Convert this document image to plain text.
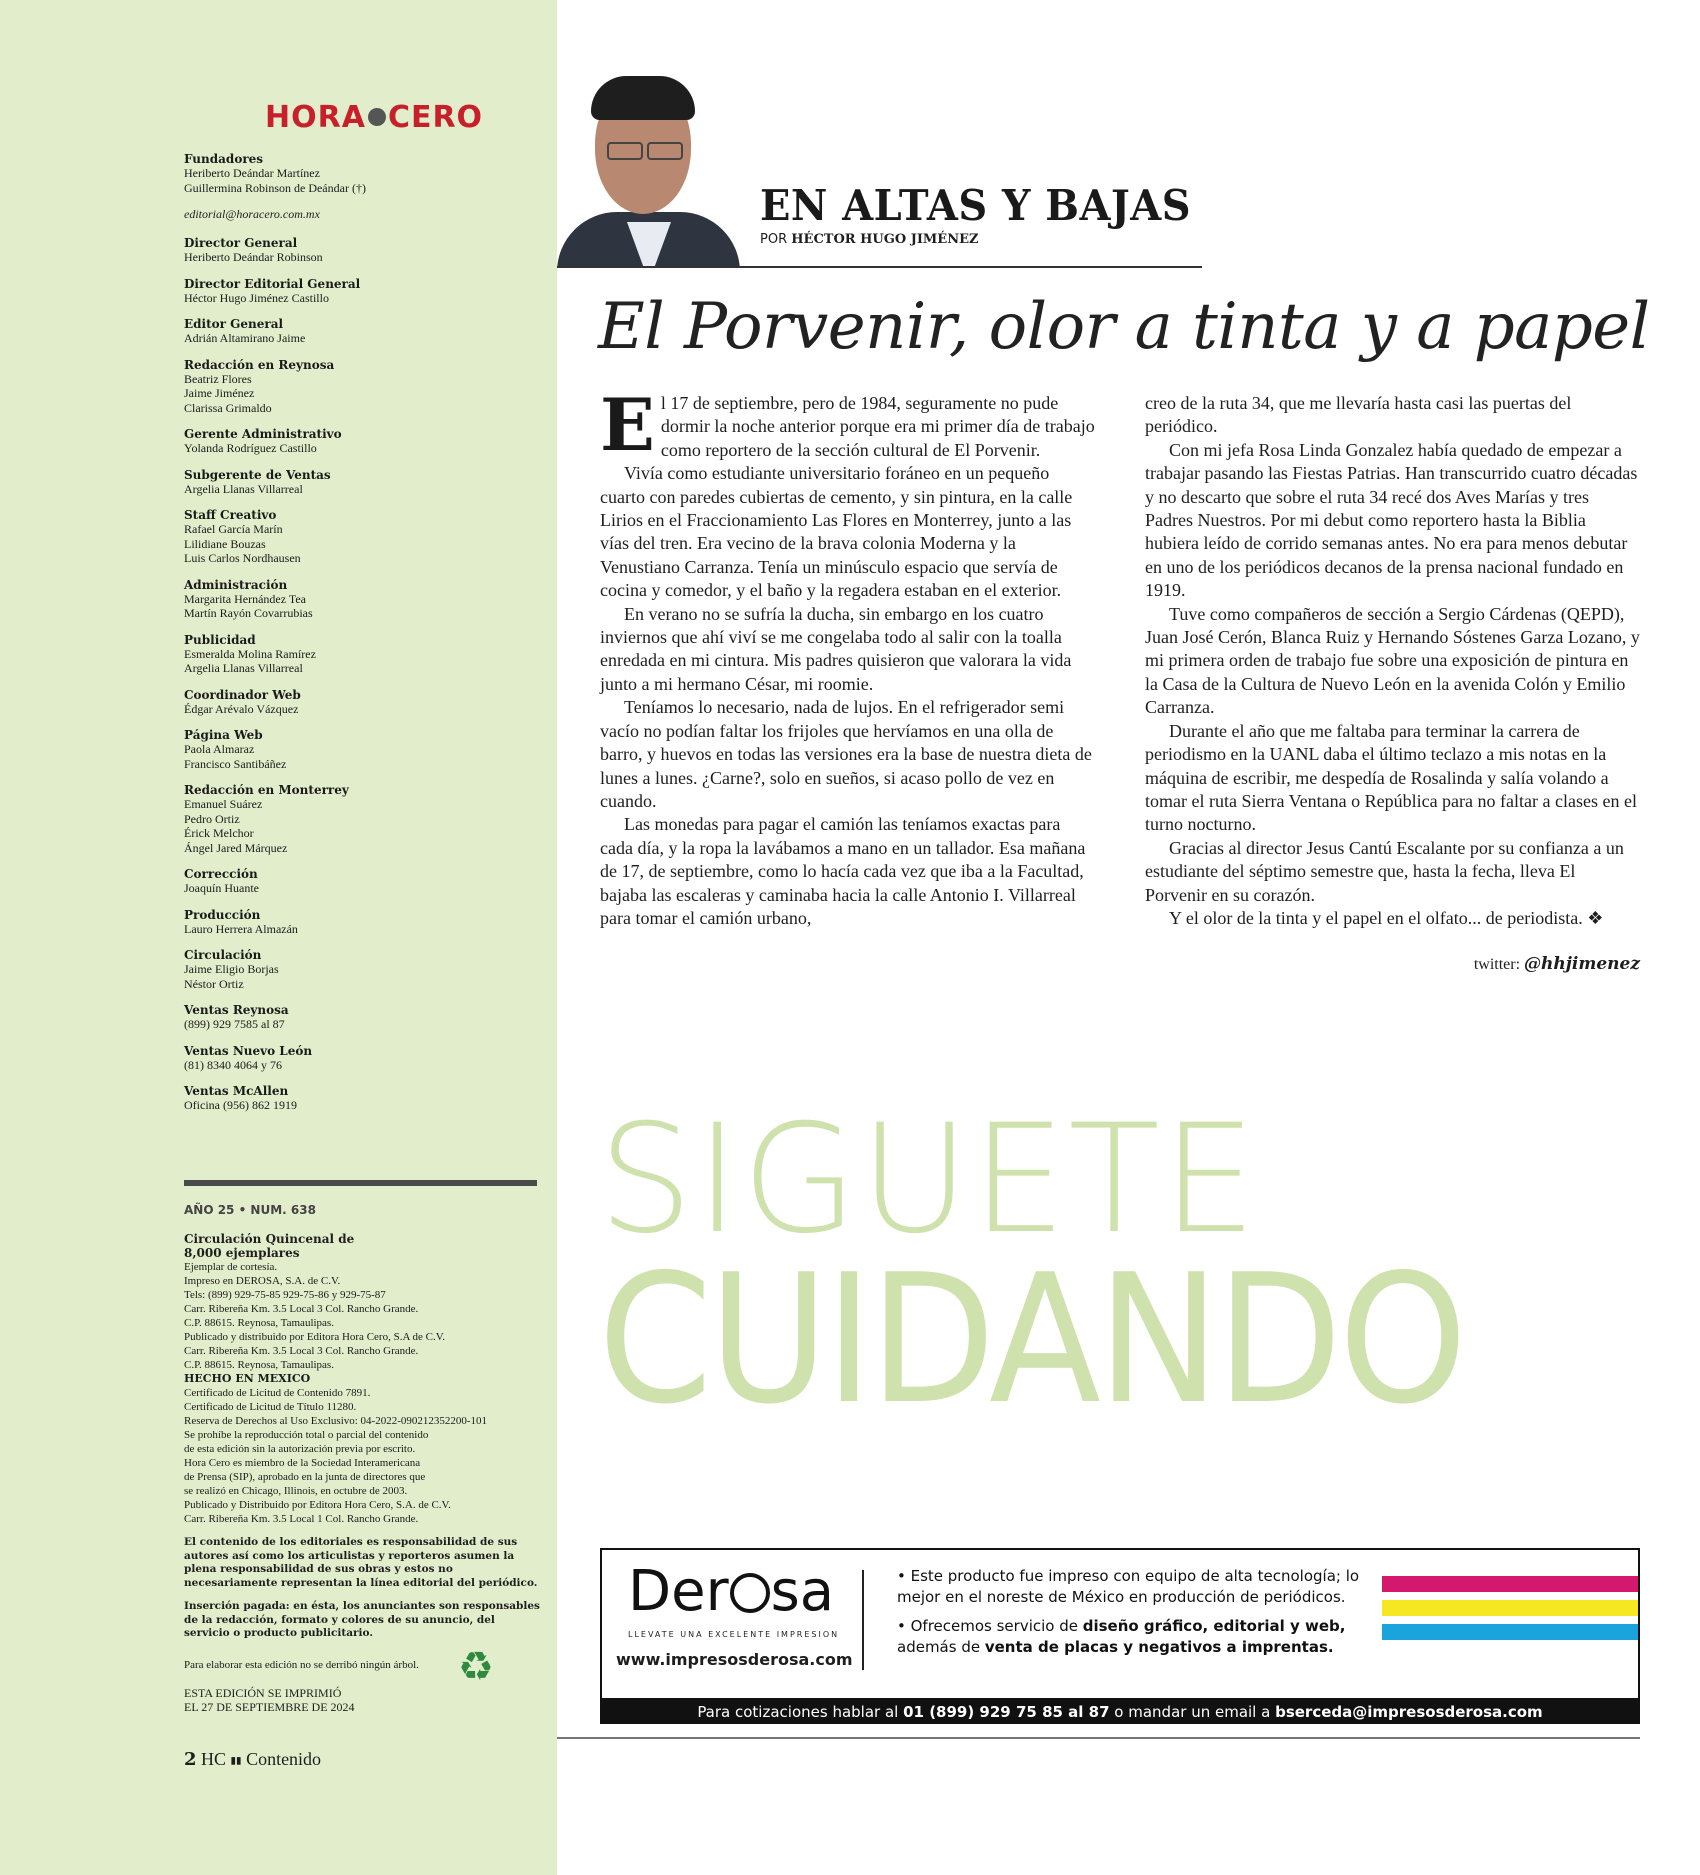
HORA CERO
Fundadores
Heriberto Deándar Martínez
Guillermina Robinson de Deándar (†)
editorial@horacero.com.mx
Director General
Heriberto Deándar Robinson
Director Editorial General
Héctor Hugo Jiménez Castillo
Editor General
Adrián Altamirano Jaime
Redacción en Reynosa
Beatriz Flores
Jaime Jiménez
Clarissa Grimaldo
Gerente Administrativo
Yolanda Rodríguez Castillo
Subgerente de Ventas
Argelia Llanas Villarreal
Staff Creativo
Rafael García Marín
Lilidiane Bouzas
Luis Carlos Nordhausen
Administración
Margarita Hernández Tea
Martín Rayón Covarrubias
Publicidad
Esmeralda Molina Ramírez
Argelia Llanas Villarreal
Coordinador Web
Édgar Arévalo Vázquez
Página Web
Paola Almaraz
Francisco Santibáñez
Redacción en Monterrey
Emanuel Suárez
Pedro Ortiz
Érick Melchor
Ángel Jared Márquez
Corrección
Joaquín Huante
Producción
Lauro Herrera Almazán
Circulación
Jaime Eligio Borjas
Néstor Ortiz
Ventas Reynosa
(899) 929 7585 al 87
Ventas Nuevo León
(81) 8340 4064 y 76
Ventas McAllen
Oficina (956) 862 1919
AÑO 25 • NUM. 638
Circulación Quincenal de 8,000 ejemplares
Ejemplar de cortesía.
Impreso en DEROSA, S.A. de C.V.
Tels: (899) 929-75-85 929-75-86 y 929-75-87
Carr. Ribereña Km. 3.5 Local 3 Col. Rancho Grande.
C.P. 88615. Reynosa, Tamaulipas.
Publicado y distribuido por Editora Hora Cero, S.A de C.V.
Carr. Ribereña Km. 3.5 Local 3 Col. Rancho Grande.
C.P. 88615. Reynosa, Tamaulipas.
HECHO EN MEXICO
Certificado de Licitud de Contenido 7891.
Certificado de Licitud de Título 11280.
Reserva de Derechos al Uso Exclusivo: 04-2022-090212352200-101
Se prohíbe la reproducción total o parcial del contenido
de esta edición sin la autorización previa por escrito.
Hora Cero es miembro de la Sociedad Interamericana
de Prensa (SIP), aprobado en la junta de directores que
se realizó en Chicago, Illinois, en octubre de 2003.
Publicado y Distribuido por Editora Hora Cero, S.A. de C.V.
Carr. Ribereña Km. 3.5 Local 1 Col. Rancho Grande.
El contenido de los editoriales es responsabilidad de sus autores así como los articulistas y reporteros asumen la plena responsabilidad de sus obras y estos no necesariamente representan la línea editorial del periódico.
Inserción pagada: en ésta, los anunciantes son responsables de la redacción, formato y colores de su anuncio, del servicio o producto publicitario.
Para elaborar esta edición no se derribó ningún árbol. ♻
ESTA EDICIÓN SE IMPRIMIÓ
EL 27 DE SEPTIEMBRE DE 2024
2 HC ▮▮ Contenido
EN ALTAS Y BAJAS
POR HÉCTOR HUGO JIMÉNEZ
El Porvenir, olor a tinta y a papel

El 17 de septiembre, pero de 1984, seguramente no pude dormir la noche anterior porque era mi primer día de trabajo como reportero de la sección cultural de El Porvenir.

Vivía como estudiante universitario foráneo en un pequeño cuarto con paredes cubiertas de cemento, y sin pintura, en la calle Lirios en el Fraccionamiento Las Flores en Monterrey, junto a las vías del tren. Era vecino de la brava colonia Moderna y la Venustiano Carranza. Tenía un minúsculo espacio que servía de cocina y comedor, y el baño y la regadera estaban en el exterior.

En verano no se sufría la ducha, sin embargo en los cuatro inviernos que ahí viví se me congelaba todo al salir con la toalla enredada en mi cintura. Mis padres quisieron que valorara la vida junto a mi hermano César, mi roomie.

Teníamos lo necesario, nada de lujos. En el refrigerador semi vacío no podían faltar los frijoles que hervíamos en una olla de barro, y huevos en todas las versiones era la base de nuestra dieta de lunes a lunes. ¿Carne?, solo en sueños, si acaso pollo de vez en cuando.

Las monedas para pagar el camión las teníamos exactas para cada día, y la ropa la lavábamos a mano en un tallador. Esa mañana de 17, de septiembre, como lo hacía cada vez que iba a la Facultad, bajaba las escaleras y caminaba hacia la calle Antonio I. Villarreal para tomar el camión urbano,

creo de la ruta 34, que me llevaría hasta casi las puertas del periódico.

Con mi jefa Rosa Linda Gonzalez había quedado de empezar a trabajar pasando las Fiestas Patrias. Han transcurrido cuatro décadas y no descarto que sobre el ruta 34 recé dos Aves Marías y tres Padres Nuestros. Por mi debut como reportero hasta la Biblia hubiera leído de corrido semanas antes. No era para menos debutar en uno de los periódicos decanos de la prensa nacional fundado en 1919.

Tuve como compañeros de sección a Sergio Cárdenas (QEPD), Juan José Cerón, Blanca Ruiz y Hernando Sóstenes Garza Lozano, y mi primera orden de trabajo fue sobre una exposición de pintura en la Casa de la Cultura de Nuevo León en la avenida Colón y Emilio Carranza.

Durante el año que me faltaba para terminar la carrera de periodismo en la UANL daba el último teclazo a mis notas en la máquina de escribir, me despedía de Rosalinda y salía volando a tomar el ruta Sierra Ventana o República para no faltar a clases en el turno nocturno.

Gracias al director Jesus Cantú Escalante por su confianza a un estudiante del séptimo semestre que, hasta la fecha, lleva El Porvenir en su corazón.

Y el olor de la tinta y el papel en el olfato... de periodista. ❖

twitter: @hhjimenez
SIGUETE
CUIDANDO
Der sa
LLEVATE UNA EXCELENTE IMPRESION
www.impresosderosa.com
• Este producto fue impreso con equipo de alta tecnología; lo mejor en el noreste de México en producción de periódicos.
• Ofrecemos servicio de diseño gráfico, editorial y web, además de venta de placas y negativos a imprentas.
Para cotizaciones hablar al 01 (899) 929 75 85 al 87 o mandar un email a bserceda@impresosderosa.com
